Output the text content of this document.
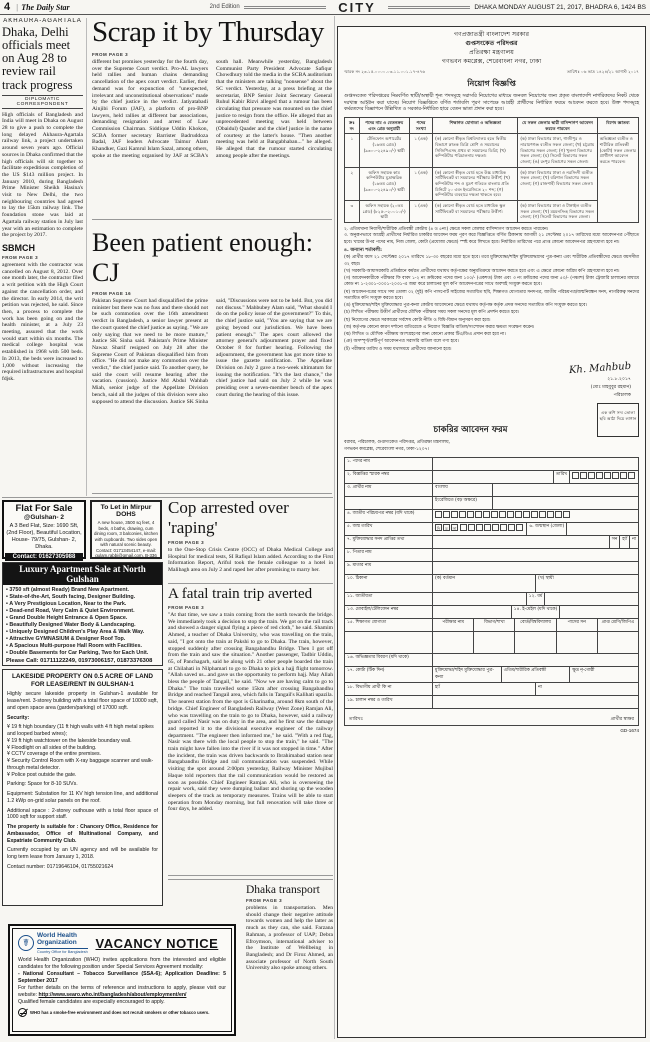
4 | The Daily Star	2nd Edition	CITY	DHAKA MONDAY AUGUST 21, 2017, BHADRA 6, 1424 BS
AKHAURA-AGARTALA
Dhaka, Delhi officials meet on Aug 28 to review rail track progress
DIPLOMATIC CORRESPONDENT
High officials of Bangladesh and India will meet in Dhaka on August 28 to give a push to complete the long delayed Akhaura-Agartala railway link, a project undertaken around seven years ago. Official sources in Dhaka confirmed that the high officials will sit together to facilitate expeditious completion of the US $143 million project. In January 2010, during Bangladesh Prime Minister Sheikh Hasina's visit to New Delhi, the two neighbouring countries had agreed to lay the 15km railway link. The foundation stone was laid at Agartala railway station in July last year with an estimation to complete the project by 2017.
SBMCH
FROM PAGE 3
agreement with the contractor was cancelled on August 8, 2012. Over one month later, the contractor filed a writ petition with the High Court against the cancellation order, and the director. In early 2014, the writ petition was rejected, he said. Since then, a process to complete the work has been going on and the health minister, at a July 23 meeting, assured that the work would start within six months. The medical college hospital was established in 1968 with 500 beds. In 2013, the beds were increased to 1,000 without increasing the required infrastructures and hospital fdjsk.
Scrap it by Thursday
FROM PAGE 3
different but promises yesterday for the fourth day, over the Supreme Court verdict. Pro-AL lawyers held rallies and human chains demanding cancellation of the apex court verdict. Earlier, their demand was for expunction of "unexpected, irrelevant and unconstitutional observations" made by the chief justice in the verdict. Jatiyatabadi Ainjibi Forum (JAF), a platform of pro-BNP lawyers, held rallies at different bar associations, demanding resignation and arrest of Law Commission Chairman. Siddique Uddin Khokon, SCBA former secretary Barrister Badruddoza Badal, JAF leaders Advocate Taimur Alam Khandker, Gazi Kamrul Islam Sazal, among others, spoke at the meeting organised by JAF at SCBA's south hall. Meanwhile yesterday, Bangladesh Communist Party President Advocate Safiqur Chowdhury told the media in the SCBA auditorium that the ministers are talking "nonsense" about the SC verdict. Yesterday, at a press briefing at the secretariat, BNP Senior Joint Secretary General Ruhul Kabir Rizvi alleged that a rumour has been circulating that pressure was mounted on the chief justice to resign from the office. He alleged that an unprecedented meeting was held between (Obaidul) Quader and the chief justice in the name of courtesy at the latter's house. "Then another meeting was held at Bangabhaban..." he alleged. He alleged that the rumour started circulating among people after the meetings.
Been patient enough: CJ
FROM PAGE 16
Pakistan Supreme Court had disqualified the prime minister but there was no fuss and there should not be such commotion over the 16th amendment verdict in Bangladesh, a senior lawyer present at the court quoted the chief justice as saying. "We are only saying that we need to be more mature," Justice SK Sinha said. Pakistan's Prime Minister Nawaz Sharif resigned on July 28 after the Supreme Court of Pakistan disqualified him from office. "He did not make any commotion over the verdict," the chief justice said. To another query, he said the court will resume hearing after the vacation. (cussion). Justice Md Abdul Wahhab Miah, senior judge of the Appellate Division bench, said all the judges of this division were also supposed to attend the discussion. Justice SK Sinha said, "Discussions were not to be held. But, you did not discuss." Mahbubey Alam said, "What should I do on the policy issue of the government?" To this, the chief justice said, "You are saying that we are going beyond our jurisdiction. We have been patient enough." The apex court allowed the attorney general's adjournment prayer and fixed October 8 for further hearing. Following the adjournment, the government has got more time to issue the gazette notification. The Appellate Division on July 2 gave a two-week ultimatum for issuing the notification. "It's the last chance," the chief justice had said on July 2 while he was presiding over a seven-member bench of the apex court during the hearing of this issue.
Flat For Sale
@Gulshan- 2
A 3 Bed Flat, Size: 1690 Sft, (2nd Floor), Beautiful Location, House- 79/75, Gulshan- 2, Dhaka.
Contact: 01627305988
To Let in Mirpur DOHS
A new house, 3500 sq feet, 4 beds, 4 baths, drawing, cum dining room, 3 balconies, kitchen with cupboards. Two sides open with natural scenic beauty. Contact: 01713454147, e-mail: gulam.rabbi@gmail.com. B-336
Luxury Apartment Sale at North Gulshan
• 3750 sft (almost Ready) Brand New Apartment.
• State-of-the-Art, South facing, Designer Building.
• A Very Prestigious Location, Near to the Park.
• Dead-end Road, Very Calm & Quiet Environment.
• Grand Double Height Entrance & Open Space.
• Beautifully Designed Water Body & Landscaping.
• Uniquely Designed Children's Play Area & Walk Way.
• Attractive GYMNASIUM & Designer Roof Top.
• A Spacious Multi-purpose Hall Room with Facilities.
• Double Basements for Car Parking, Two for Each Unit.
Please Call: 01711122249, 01973006157, 01873376308
LAKESIDE PROPERTY ON 0.5 ACRE OF LAND FOR LEASE/RENT IN GULSHAN-1

Highly secure lakeside property in Gulshan-1 available for lease/rent. 3-storey building with a total floor space of 10000 sqft, and open space area (garden/parking) of 17000 sqft.

Security:

¥ 19 ft high boundary (11 ft high walls with 4 ft high metal spikes and looped barbed wires);
¥ 19 ft high watchtower on the lakeside boundary wall.
¥ Floodlight on all sides of the building.
¥ CCTV coverage of the entire premises.
¥ Security Control Room with X-ray baggage scanner and walk-through metal detector.
¥ Police post outside the gate.

Parking: Space for 8-10 SUVs.

Equipment: Substation for 11 KV high tension line, and additional 1.2 kWp on-grid solar panels on the roof.

Additional space : 2-storey outhouse with a total floor space of 1000 sqft for support staff.

The property is suitable for : Chancery Office, Residence for Ambassador, Office of Multinational Company, and Expatriate Community Club.

Currently occupied by an UN agency and will be available for long term lease from January 1, 2018.

Contact number: 01719646104, 01755021624

Cop arrested over 'raping'
FROM PAGE 3
to the One-Stop Crisis Centre (OCC) of Dhaka Medical College and Hospital for medical tests, SI Rafiqul Islam added. According to the First Information Report, Ariful took the female colleague to a hotel in Malibagh area on July 2 and raped her after promising to marry her.
A fatal train trip averted
FROM PAGE 3
"At that time, we saw a train coming from the north towards the bridge. We immediately took a decision to stop the train. We got on the rail track and showed a danger signal flying a piece of red cloth," he said. Shamim Ahmed, a teacher of Dhaka University, who was travelling on the train, said, "I got onto the train at Pakshi to go to Dhaka. The train, however, stopped suddenly after crossing Bangabandhu Bridge. Then I got off from the train and saw the situation." Another passenger, Tadbir Uddin, 65, of Panchagarh, said he along with 21 other people boarded the train at Chilahati in Nilphamari to go to Dhaka to pick a hajj flight tomorrow. "Allah saved us...and gave us the opportunity to perform hajj. May Allah bless the people of Tangail," he said. "Now we are having calm to go to Dhaka." The train travelled some 15km after crossing Bangabandhu Bridge and reached Tangail area, which falls in Tangail's Kalihati upazila. The nearest station from the spot is Gharinatha, around 8km south of the bridge. Chief Engineer of Bangladesh Railway (West Zone) Ramjan Ali, who was travelling on the train to go to Dhaka, however, said a railway guard called Nasir was on duty in the area, and he first saw the damage and reported it to the divisional executive engineer of the railway department. "The engineer then informed me," he said. "With a red flag, Nasir was there with the local people to stop the train," he said. "The train might have fallen into the river if it was not stopped in time." After the incident, the train was driven backwards to Ibrahimabad station near Bangabandhu Bridge and rail communication was suspended. While visiting the spot around 2:00pm yesterday, Railway Minister Mujibul Haque told reporters that the rail communication would be restored as soon as possible. Chief Engineer Ramjan Ali, who is overseeing the repair work, said they were dumping ballast and shoring up the wooden sleepers of the track as temporary measures. Trains will be able to start operation from Monday morning, but full renovation will take three or four days, he added.
Dhaka transport
FROM PAGE 3
problems in transportation. Men should change their negative attitude towards women and help the latter as much as they can, she said. Farzana Rahman, a professor of UAP; Debra Efroymson, international adviser to the Institute of Wellbeing in Bangladesh; and Dr Firoz Ahmed, an associate professor of North South University also spoke among others.
☤
World Health
Organization
Country Office for Bangladesh
VACANCY NOTICE
World Health Organization (WHO) invites applications from the interested and eligible candidates for the following position under Special Services Agreement modality:
- National Consultant – Tobacco Surveillance (SSA-6); Application Deadline: 5 September 2017
For further details on the terms of reference and instructions to apply, please visit our website: http://www.searo.who.int/bangladesh/about/employment/en/
Qualified female candidates are especially encouraged to apply.
WHO has a smoke-free environment and does not recruit smokers or other tobacco users.
গণপ্রজাতন্ত্রী বাংলাদেশ সরকার
গুপ্তসংকেত পরিদপ্তর
প্রতিরক্ষা মন্ত্রণালয়
গণভবন কমপ্লেক্স, শেরেবাংলা নগর, ঢাকা
স্মারক নং ২৩.১৫.০০০০.০৩.১১.০০১.১৭-৪৭৬	তারিখঃ ০৬ ভাদ্র ১৪২৪/২১ আগস্ট ২০১৭
নিয়োগ বিজ্ঞপ্তি
গুপ্তসংকেত পরিদপ্তরের নিম্নবর্ণিত স্থায়ী/অস্থায়ী শূন্য পদসমূহে সরাসরি নিয়োগের মাধ্যমে জনবল নিয়োগের জন্য প্রকৃত বাংলাদেশি নাগরিকদের নিকট থেকে দরখাস্ত আহ্বান করা যাচ্ছে। নিয়োগ বিজ্ঞপ্তিতে বর্ণিত শর্তাবলি পূরণ সাপেক্ষে আগ্রহী প্রার্থীদের নির্ধারিত ফরমে আবেদন করতে হবে। উক্ত পদসমূহে কর্মরতদের বিজ্ঞাপনে উল্লিখিত ও সরকার-নির্ধারিত হারে বেতন ভাতা প্রদান করা হবে।
ক্রঃ নং	পদের নাম ও বেতনক্রম এবং গ্রেড অনুযায়ী	পদের সংখ্যা	শিক্ষাগত যোগ্যতা ও অভিজ্ঞতা	যে সকল জেলার স্থায়ী বাসিন্দাগণ আবেদন করতে পারবেন	বিশেষ জ্ঞাতব্য
১	টেলিফোন অপারেটর (১৬তম গ্রেড) (৯৩০০-২২৪৯০/-) স্থায়ী	১ (এক)	(ক) কোনো স্বীকৃত বিশ্ববিদ্যালয় হতে দ্বিতীয় বিভাগে স্নাতক ডিগ্রি শ্রেণি ও সমমানের সিজিপিএসহ প্রথম বা সমমানের ডিগ্রি; (খ) কম্পিউটার পরিচালনায় দক্ষতা।	(ক) ঢাকা বিভাগের ঢাকা, গাজীপুর ও নারায়ণগঞ্জ ব্যতীত সকল জেলা; (খ) চট্টগ্রাম বিভাগের সকল জেলা; (গ) খুলনা বিভাগের সকল জেলা; (ঘ) সিলেট বিভাগের সকল জেলা; (ঙ) রংপুর বিভাগের সকল জেলা।	অভিজ্ঞতা ব্যতীত ও শারীরিক প্রতিবন্ধী (কোটা) সকল জেলার প্রার্থীগণ আবেদন করতে পারবেন।
২	অফিস সহায়ক কাম কম্পিউটার মুদ্রাক্ষরিক (১৬তম গ্রেড) (৯৩০০-২২৪৯০/-) স্থায়ী	১ (এক)	(ক) কোনো স্বীকৃত বোর্ড হতে উচ্চ মাধ্যমিক সার্টিফিকেট বা সমমানের পরীক্ষায় উত্তীর্ণ; (খ) কম্পিউটার শব্দ ও মুদ্রণ গতিতে বাংলায় প্রতি মিনিটে ২০ এবং ইংরেজিতে ২০ শব্দ; (গ) কম্পিউটার ব্যবহারে দক্ষতা থাকতে হবে।	(ক) ঢাকা বিভাগের ঢাকা ও নরসিংদী ব্যতীত সকল জেলা; (খ) বরিশাল বিভাগের সকল জেলা; (গ) রাজশাহী বিভাগের সকল জেলা।	
৩	অফিস সহায়ক (২০তম গ্রেড) (৮২৫০-২০০১০/-) স্থায়ী	১ (এক)	(ক) কোনো স্বীকৃত বোর্ড হতে মাধ্যমিক স্কুল সার্টিফিকেট বা সমমানের পরীক্ষায় উত্তীর্ণ।	(ক) ঢাকা বিভাগের ঢাকা ও টাঙ্গাইল ব্যতীত সকল জেলা; (খ) ময়মনসিংহ বিভাগের সকল জেলা; (গ) সিলেট বিভাগের সকল জেলা।	
২. এতিমখানা নিবাসী/শারীরিক প্রতিবন্ধী কোটায় (৪ ও ৫নং) ক্ষেত্রে সকল জেলার বাসিন্দাগণ আবেদন করতে পারবেন।
৩. অনুরূপভাবে আগ্রহী প্রার্থীদের নির্ধারিত চাকরির আবেদন ফরম পূরণ করে বিজ্ঞপ্তিতে বর্ণিত ঠিকানায় আগামী ২১ সেপ্টেম্বর ২০১৭ তারিখের মধ্যে আবেদনপত্র পৌঁছাতে হবে। খামের উপর পদের নাম, নিজ জেলা, কোটা (প্রযোজ্য ক্ষেত্রে) স্পষ্ট করে লিখতে হবে। নির্ধারিত তারিখের পরে প্রাপ্ত কোনো আবেদনপত্র গ্রহণযোগ্য হবে না।
৪. অন্যান্য শর্তাবলী:
(ক) প্রার্থীর বয়স ২১ সেপ্টেম্বর ২০১৭ তারিখে ১৮-৩০ বছরের মধ্যে হতে হবে। তবে মুক্তিযোদ্ধা/শহিদ মুক্তিযোদ্ধাদের পুত্র-কন্যা এবং শারীরিক প্রতিবন্ধীদের ক্ষেত্রে বয়সসীমা ৩২ বছর।
(খ) সরকারি-আধাসরকারি প্রতিষ্ঠানে কর্মরত প্রার্থীদের যথাযথ কর্তৃপক্ষের অনুমতিক্রমে আবেদন করতে হবে এবং এ ক্ষেত্রে কোনো অগ্রিম কপি গ্রহণযোগ্য হবে না।
(গ) আবেদনকারীকে পরীক্ষার ফি বাবদ ১-২ নং ক্রমিকের পদের জন্য ১০০/- (একশত) টাকা এবং ৩ নং ক্রমিকের পদের জন্য ৫০/- (পঞ্চাশ) টাকা ট্রেজারি চালানের মাধ্যমে কোড নং ১-২৩০১-০০০১-২০৩১-এ জমা করে চালানের মূল কপি আবেদনপত্রের সাথে অবশ্যই সংযুক্ত করতে হবে।
(ঘ) আবেদনপত্রের সাথে সদ্য তোলা ০২ (দুই) কপি পাসপোর্ট সাইজের সত্যায়িত ছবি, শিক্ষাগত যোগ্যতার সনদপত্র, জাতীয় পরিচয়পত্র/জন্মনিবন্ধন সনদ, নাগরিকত্ব সনদের সত্যায়িত কপি সংযুক্ত করতে হবে।
(ঙ) মুক্তিযোদ্ধা/শহিদ মুক্তিযোদ্ধার পুত্র-কন্যা কোটায় আবেদনের ক্ষেত্রে যথাযথ কর্তৃপক্ষ কর্তৃক প্রদত্ত সনদের সত্যায়িত কপি সংযুক্ত করতে হবে।
(চ) লিখিত পরীক্ষায় উত্তীর্ণ প্রার্থীদের মৌখিক পরীক্ষার সময় সকল সনদের মূল কপি প্রদর্শন করতে হবে।
(ছ) নিয়োগের ক্ষেত্রে সরকারের সর্বশেষ কোটা নীতি ও বিধি-বিধান অনুসরণ করা হবে।
(জ) কর্তৃপক্ষ কোনো কারণ দর্শানো ব্যতিরেকে এ নিয়োগ বিজ্ঞপ্তি বাতিল/সংশোধন করার ক্ষমতা সংরক্ষণ করেন।
(ঝ) লিখিত ও মৌখিক পরীক্ষায় অংশগ্রহণের জন্য কোনো প্রকার টিএ/ডিএ প্রদান করা হবে না।
(ঞ) অসম্পূর্ণ/ত্রুটিপূর্ণ আবেদনপত্র সরাসরি বাতিল বলে গণ্য হবে।
(ট) পরীক্ষার তারিখ ও সময় যথাসময়ে প্রার্থীদের জানানো হবে।
Kh. Mahbub
২১.৮.২০১৭
(মোঃ মাহবুবুর রহমান)
পরিচালক
চাকরির আবেদন ফরম
এক কপি সদ্য তোলা ছবি আঠা দিয়ে লাগান
বরাবর, পরিচালক, গুপ্তসংকেত পরিদপ্তর, প্রতিরক্ষা মন্ত্রণালয়,
গণভবন কমপ্লেক্স, শেরেবাংলা নগর, ঢাকা-১২০৭।
১. পদের নাম
২. বিজ্ঞপ্তির স্মারক নম্বর	তারিখ
৩. প্রার্থীর নাম	বাংলায়
ইংরেজিতে (বড় অক্ষরে)
৪. জাতীয় পরিচয়পত্র নম্বর (যদি থাকে)
৫. জন্ম তারিখ	দি	ম	সা
	৬. জন্মস্থান (জেলা)
৭. মুক্তিযোদ্ধার সনদ প্রাপ্তির তথ্য	সন	হ্যাঁ	না
৮. পিতার নাম
৯. মাতার নাম
১০. ঠিকানা	(ক) বর্তমান	(খ) স্থায়ী
১১. জাতীয়তা	১২. ধর্ম
১৩. মোবাইল/টেলিফোন নম্বর	১৪. ই-মেইল (যদি থাকে)
১৫. শিক্ষাগত যোগ্যতা	পরীক্ষার নাম	বিভাগ/শাখা	বোর্ড/বিশ্ববিদ্যালয়	পাসের সন	প্রাপ্ত শ্রেণি/জিপিএ
১৬. অভিজ্ঞতার বিবরণ (যদি থাকে)
১৭. কোটা (টিক দিন)	মুক্তিযোদ্ধা/শহিদ মুক্তিযোদ্ধার পুত্র-কন্যা
এতিম/শারীরিক প্রতিবন্ধী	ক্ষুদ্র নৃ-গোষ্ঠী
১৮. বিভাগীয় প্রার্থী কি না	হ্যাঁ	না
১৯. চালান নম্বর ও তারিখ
তারিখঃ	প্রার্থীর স্বাক্ষর
GD-1674
